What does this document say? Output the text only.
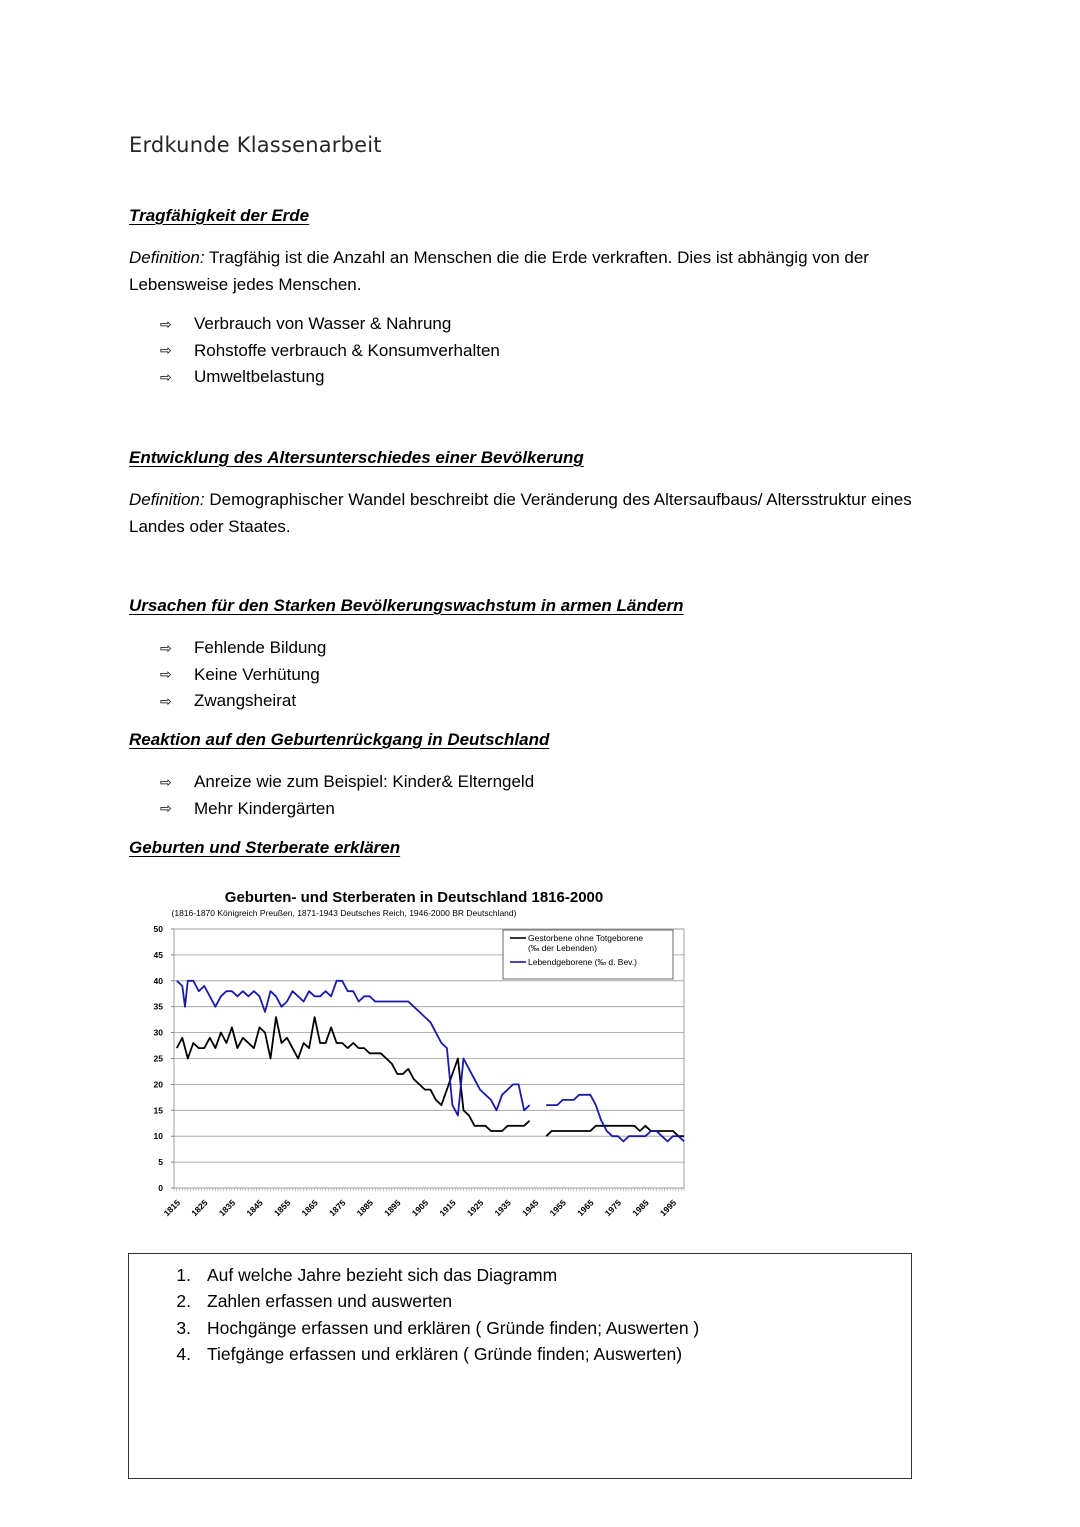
Erdkunde Klassenarbeit
Tragfähigkeit der Erde
Definition: Tragfähig ist die Anzahl an Menschen die die Erde verkraften. Dies ist abhängig von der Lebensweise jedes Menschen.
⇨	Verbrauch von Wasser & Nahrung
⇨	Rohstoffe verbrauch & Konsumverhalten
⇨	Umweltbelastung
Entwicklung des Altersunterschiedes einer Bevölkerung
Definition: Demographischer Wandel beschreibt die Veränderung des Altersaufbaus/ Altersstruktur eines Landes oder Staates.
Ursachen für den Starken Bevölkerungswachstum in armen Ländern
⇨	Fehlende Bildung
⇨	Keine Verhütung
⇨	Zwangsheirat
Reaktion auf den Geburtenrückgang in Deutschland
⇨	Anreize wie zum Beispiel: Kinder& Elterngeld
⇨	Mehr Kindergärten
Geburten und Sterberate erklären
Geburten- und Sterberaten in Deutschland 1816-2000
(1816-1870 Königreich Preußen, 1871-1943 Deutsches Reich, 1946-2000 BR Deutschland)
0
5
10
15
20
25
30
35
40
45
50
1815 1825 1835 1845 1855 1865 1875 1885 1895 1905 1915 1925 1935 1945 1955 1965 1975 1985 1995
Gestorbene ohne Totgeborene
(‰ der Lebenden)
Lebendgeborene (‰ d. Bev.)
1. Auf welche Jahre bezieht sich das Diagramm
2. Zahlen erfassen und auswerten
3. Hochgänge erfassen und erklären ( Gründe finden; Auswerten )
4. Tiefgänge erfassen und erklären ( Gründe finden; Auswerten)
